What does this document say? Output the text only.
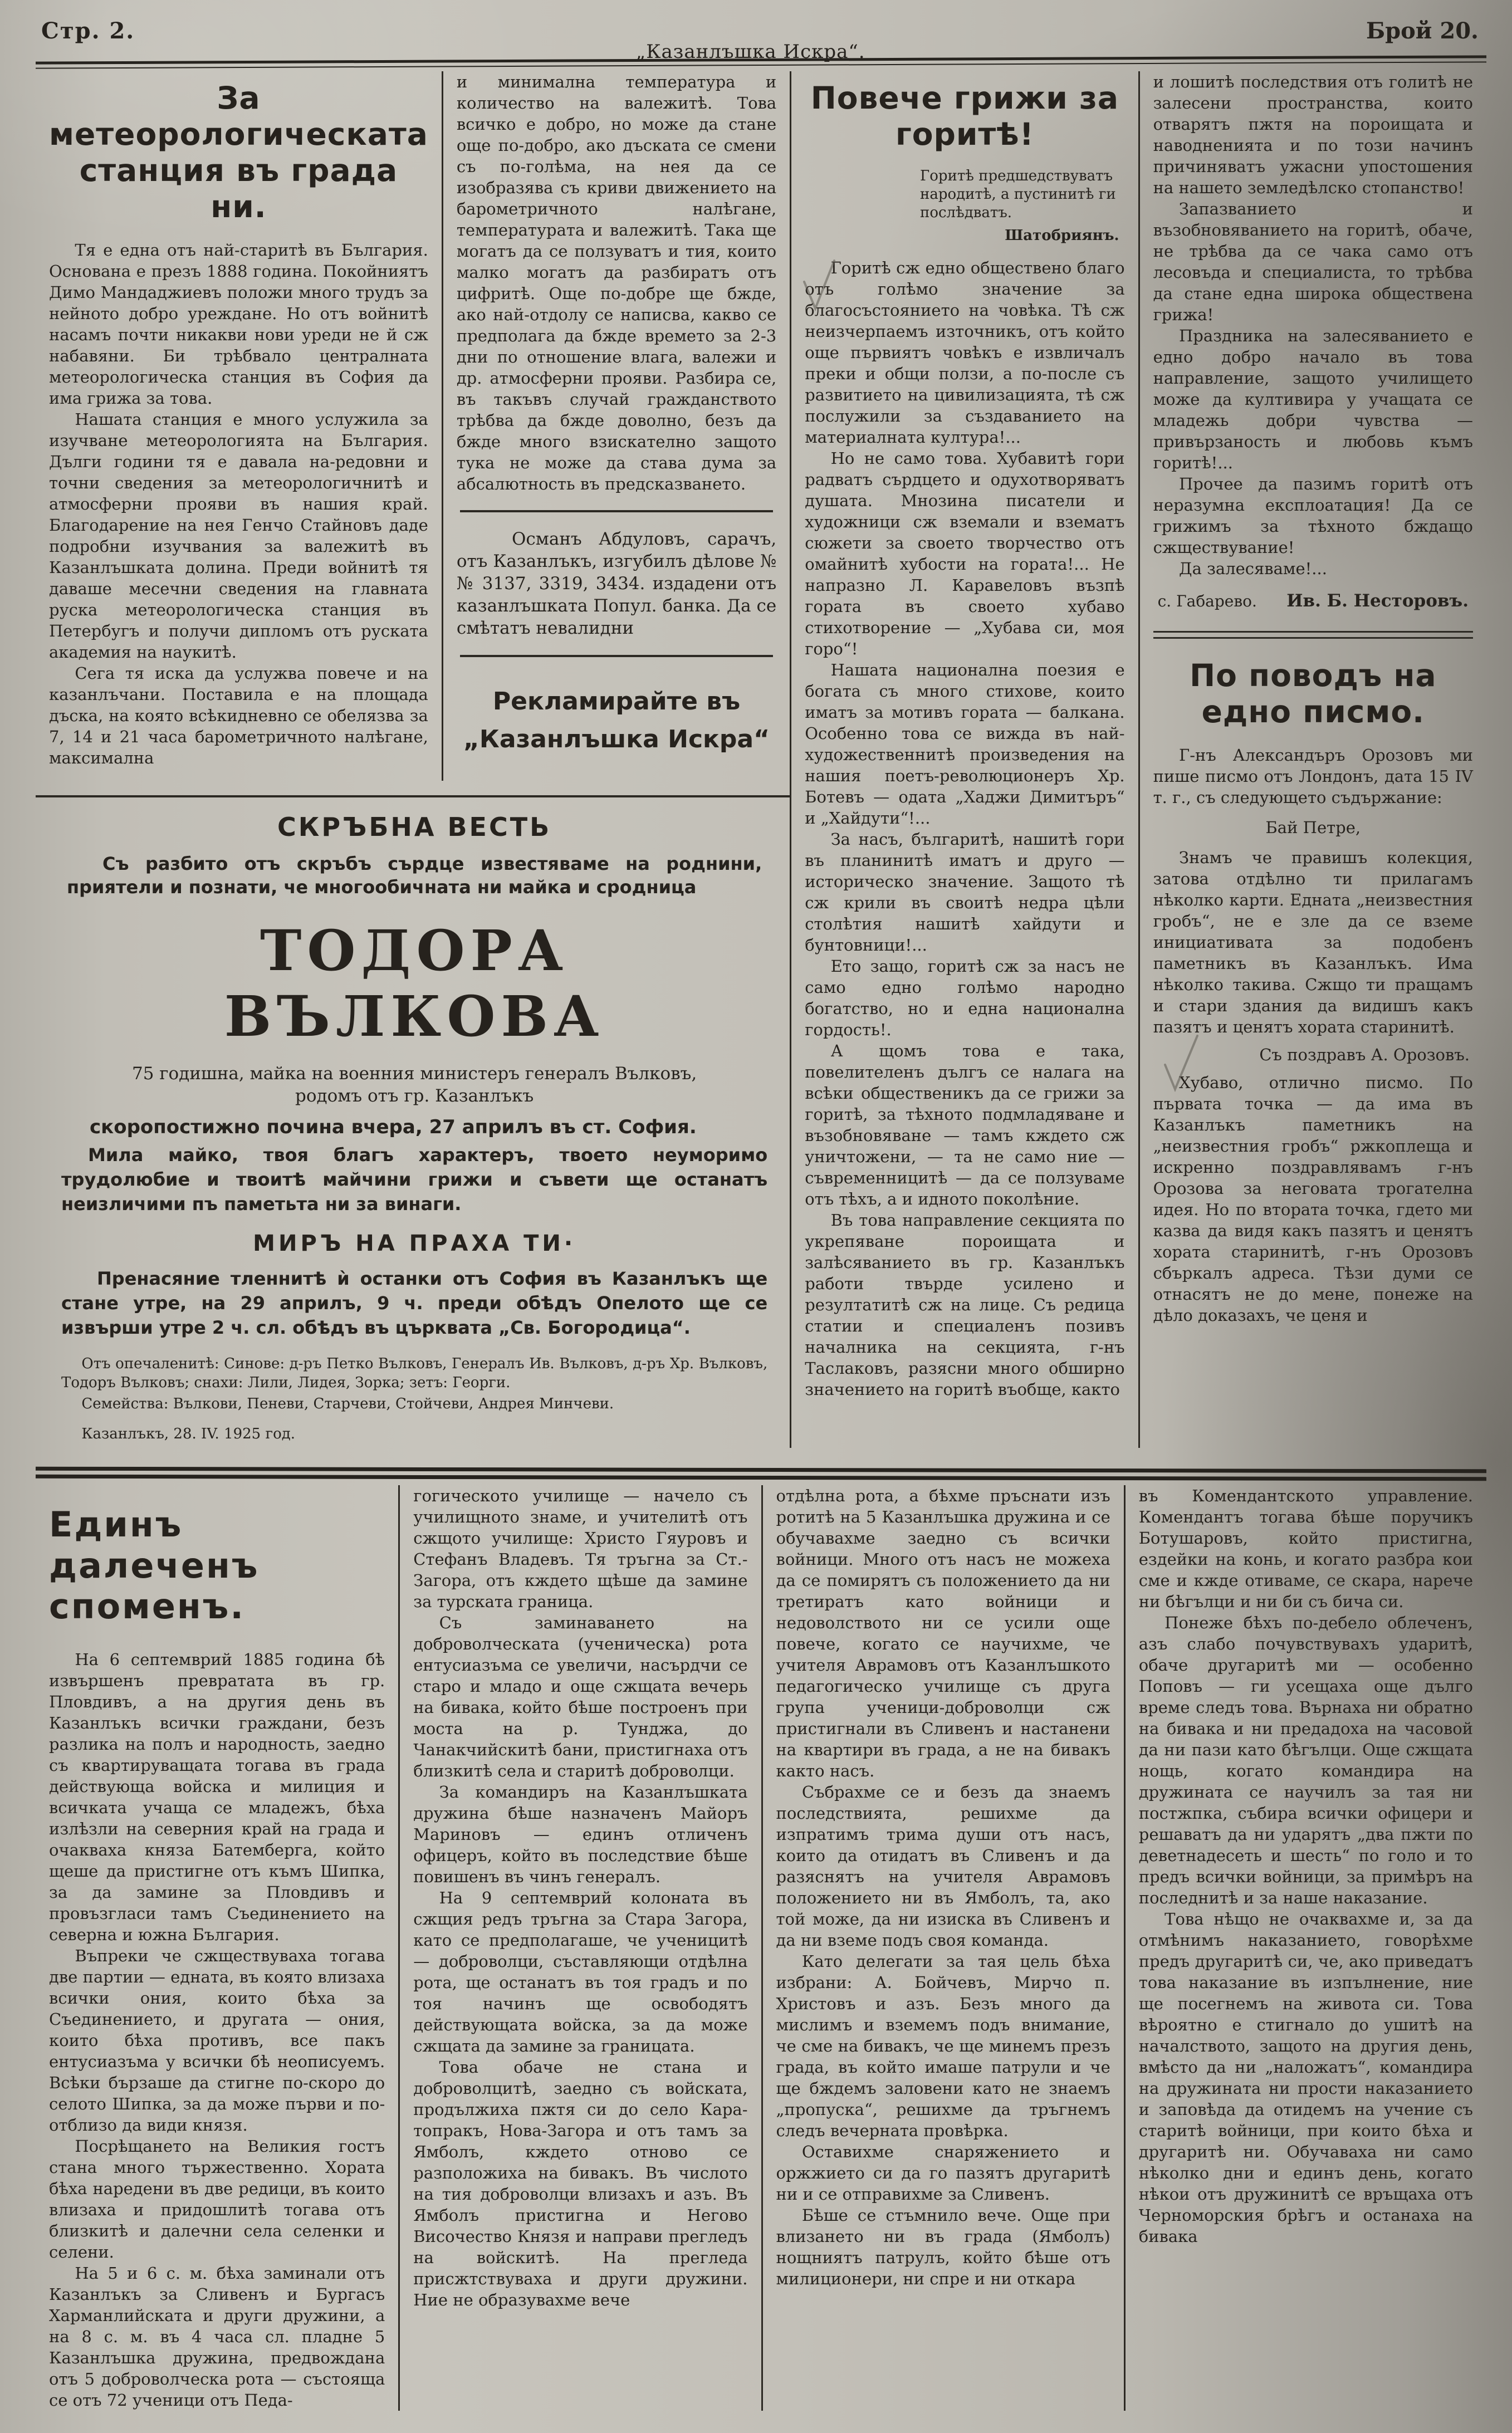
Стр. 2.
„Казанлъшка Искра“.
Брой 20.
За метеорологическата станция въ града ни.

Тя е една отъ най-старитѣ въ България. Основана е презъ 1888 година. Покойниятъ Димо Мандаджиевъ положи много трудъ за нейното добро уреждане. Но отъ войнитѣ насамъ почти никакви нови уреди не й сж набавяни. Би трѣбвало централната метеорологическа станция въ София да има грижа за това.

Нашата станция е много услужила за изучване метеорологията на България. Дълги години тя е давала на-редовни и точни сведения за метеорологичнитѣ и атмосферни прояви въ нашия край. Благодарение на нея Генчо Стайновъ даде подробни изучвания за валежитѣ въ Казанлъшката долина. Преди войнитѣ тя даваше месечни сведения на главната руска метеорологическа станция въ Петербугъ и получи дипломъ отъ руската академия на наукитѣ.

Сега тя иска да услужва повече и на казанлъчани. Поставила е на площада дъска, на която всѣкидневно се обелязва за 7, 14 и 21 часа барометричното налѣгане, максимална

и минимална температура и количество на валежитѣ. Това всичко е добро, но може да стане още по-добро, ако дъската се смени съ по-голѣма, на нея да се изобразява съ криви движението на барометричното налѣгане, температурата и валежитѣ. Така ще могатъ да се ползуватъ и тия, които малко могатъ да разбиратъ отъ цифритѣ. Още по-добре ще бжде, ако най-отдолу се написва, какво се предполага да бжде времето за 2-3 дни по отношение влага, валежи и др. атмосферни прояви. Разбира се, въ такъвъ случай гражданството трѣбва да бжде доволно, безъ да бжде много взискателно защото тука не може да става дума за абсалютность въ предсказването.

Османъ Абдуловъ, сарачъ, отъ Казанлъкъ, изгубилъ дѣлове № № 3137, 3319, 3434. издадени отъ казанлъшката Попул. банка. Да се смѣтатъ невалидни

Рекламирайте въ
„Казанлъшка Искра“
СКРЪБНА ВЕСТЬ
Съ разбито отъ скръбъ сърдце известяваме на роднини, приятели и познати, че многообичната ни майка и сродница
ТОДОРА ВЪЛКОВА
75 годишна, майка на военния министеръ генералъ Вълковъ,
родомъ отъ гр. Казанлъкъ
скоропостижно почина вчера, 27 априлъ въ ст. София.
Мила майко, твоя благъ характеръ, твоето неуморимо трудолюбие и твоитѣ майчини грижи и съвети ще останатъ неизличими пъ паметьта ни за винаги.
МИРЪ НА ПРАХА ТИ·
Пренасяние тленнитѣ ѝ останки отъ София въ Казанлъкъ ще стане утре, на 29 априлъ, 9 ч. преди обѣдъ Опелото ще се извърши утре 2 ч. сл. обѣдъ въ църквата „Св. Богородица“.
Отъ опечаленитѣ: Синове: д-ръ Петко Вълковъ, Генералъ Ив. Вълковъ, д-ръ Хр. Вълковъ, Тодоръ Вълковъ; снахи: Лили, Лидея, Зорка; зетъ: Георги.
Семейства: Вълкови, Пеневи, Старчеви, Стойчеви, Андрея Минчеви.
Казанлъкъ, 28. IV. 1925 год.
Повече грижи за горитѣ!
Горитѣ предшедствуватъ народитѣ, а пустинитѣ ги послѣдватъ.
Шатобриянъ.

Горитѣ сж едно обществено благо отъ голѣмо значение за благосъстоянието на човѣка. Тѣ сж неизчерпаемъ източникъ, отъ който още първиятъ човѣкъ е извличалъ преки и общи ползи, а по-после съ развитието на цивилизацията, тѣ сж послужили за създаванието на материалната култура!...

Но не само това. Хубавитѣ гори радватъ сърдцето и одухотворяватъ душата. Мнозина писатели и художници сж вземали и взематъ сюжети за своето творчество отъ омайнитѣ хубости на гората!... Не напразно Л. Каравеловъ възпѣ гората въ своето хубаво стихотворение — „Хубава си, моя горо“!

Нашата национална поезия е богата съ много стихове, които иматъ за мотивъ гората — балкана. Особенно това се вижда въ най-художественнитѣ произведения на нашия поетъ-революционеръ Хр. Ботевъ — одата „Хаджи Димитъръ“ и „Хайдути“!...

За насъ, българитѣ, нашитѣ гори въ планинитѣ иматъ и друго — историческо значение. Защото тѣ сж крили въ своитѣ недра цѣли столѣтия нашитѣ хайдути и бунтовници!...

Ето защо, горитѣ сж за насъ не само едно голѣмо народно богатство, но и една национална гордость!.

А щомъ това е така, повелителенъ дългъ се налага на всѣки общественикъ да се грижи за горитѣ, за тѣхното подмладяване и възобновяване — тамъ кждето сж уничтожени, — та не само ние — съвременницитѣ — да се ползуваме отъ тѣхъ, а и идното поколѣние.

Въ това направление секцията по укрепяване пороищата и залѣсяванието въ гр. Казанлъкъ работи твърде усилено и резултатитѣ сж на лице. Съ редица статии и специаленъ позивъ началника на секцията, г-нъ Таслаковъ, разясни много обширно значението на горитѣ въобще, както

и лошитѣ последствия отъ голитѣ не залесени пространства, които отварятъ пжтя на пороищата и наводненията и по този начинъ причиняватъ ужасни упостошения на нашето земледѣлско стопанство!

Запазванието и възобновяванието на горитѣ, обаче, не трѣбва да се чака само отъ лесовъда и специалиста, то трѣбва да стане една широка обществена грижа!

Праздника на залесяванието е едно добро начало въ това направление, защото училището може да култивира у учащата се младежь добри чувства — привързаность и любовь къмъ горитѣ!...

Прочее да пазимъ горитѣ отъ неразумна експлоатация! Да се грижимъ за тѣхното бждащо сжществувание!

Да залесяваме!...

с. Габарево. Ив. Б. Несторовъ.
По поводъ на едно писмо.

Г-нъ Александъръ Орозовъ ми пише писмо отъ Лондонъ, дата 15 IV т. г., съ следующето съдържание:

Бай Петре,

Знамъ че правишъ колекция, затова отдѣлно ти прилагамъ нѣколко карти. Едната „неизвестния гробъ“, не е зле да се вземе инициативата за подобенъ паметникъ въ Казанлъкъ. Има нѣколко такива. Сжщо ти пращамъ и стари здания да видишъ какъ пазятъ и ценятъ хората старинитѣ.

Съ поздравъ А. Орозовъ.

Хубаво, отлично писмо. По първата точка — да има въ Казанлъкъ паметникъ на „неизвестния гробъ“ ржкоплеща и искренно поздравлявамъ г-нъ Орозова за неговата трогателна идея. Но по втората точка, гдето ми казва да видя какъ пазятъ и ценятъ хората старинитѣ, г-нъ Орозовъ сбъркалъ адреса. Тѣзи думи се отнасятъ не до мене, понеже на дѣло доказахъ, че ценя и

Единъ далеченъ споменъ.

На 6 септемврий 1885 година бѣ извършенъ превратата въ гр. Пловдивъ, а на другия день въ Казанлъкъ всички граждани, безъ разлика на полъ и народность, заедно съ квартируващата тогава въ града действующа войска и милиция и всичката учаща се младежъ, бѣха излѣзли на северния край на града и очакваха княза Батемберга, който щеше да пристигне отъ къмъ Шипка, за да замине за Пловдивъ и провъзгласи тамъ Съединението на северна и южна България.

Въпреки че сжществуваха тогава две партии — едната, въ която влизаха всички ония, които бѣха за Съединението, и другата — ония, които бѣха противъ, все пакъ ентусиазъма у всички бѣ неописуемъ. Всѣки бързаше да стигне по-скоро до селото Шипка, за да може първи и по-отблизо да види князя.

Посрѣщането на Великия гостъ стана много тържественно. Хората бѣха наредени въ две редици, въ които влизаха и придошлитѣ тогава отъ близкитѣ и далечни села селенки и селени.

На 5 и 6 с. м. бѣха заминали отъ Казанлъкъ за Сливенъ и Бургасъ Харманлийската и други дружини, а на 8 с. м. въ 4 часа сл. пладне 5 Казанлъшка дружина, предвождана отъ 5 доброволческа рота — състояща се отъ 72 ученици отъ Педа-

гогическото училище — начело съ училищното знаме, и учителитѣ отъ сжщото училище: Христо Гяуровъ и Стефанъ Владевъ. Тя тръгна за Ст.-Загора, отъ кждето щѣше да замине за турската граница.

Съ заминаването на доброволческата (ученическа) рота ентусиазъма се увеличи, насърдчи се старо и младо и още сжщата вечерь на бивака, който бѣше построенъ при моста на р. Тунджа, до Чанакчийскитѣ бани, пристигнаха отъ близкитѣ села и старитѣ доброволци.

За командиръ на Казанлъшката дружина бѣше назначенъ Майоръ Мариновъ — единъ отличенъ офицеръ, който въ последствие бѣше повишенъ въ чинъ генералъ.

На 9 септемврий колоната въ сжщия редъ тръгна за Стара Загора, като се предполагаше, че ученицитѣ — доброволци, съставляющи отдѣлна рота, ще останатъ въ тоя градъ и по тоя начинъ ще освободятъ действующата войска, за да може сжщата да замине за границата.

Това обаче не стана и доброволцитѣ, заедно съ войската, продължиха пжтя си до село Кара-топракъ, Нова-Загора и отъ тамъ за Ямболъ, кждето отново се разположиха на бивакъ. Въ числото на тия доброволци влизахъ и азъ. Въ Ямболъ пристигна и Негово Височество Князя и направи прегледъ на войскитѣ. На прегледа присжтствуваха и други дружини. Ние не образувахме вече

отдѣлна рота, а бѣхме пръснати изъ ротитѣ на 5 Казанлъшка дружина и се обучавахме заедно съ всички войници. Много отъ насъ не можеха да се помирятъ съ положението да ни третиратъ като войници и недоволството ни се усили още повече, когато се научихме, че учителя Аврамовъ отъ Казанлъшкото педагогическо училище съ друга група ученици-доброволци сж пристигнали въ Сливенъ и настанени на квартири въ града, а не на бивакъ както насъ.

Събрахме се и безъ да знаемъ последствията, решихме да изпратимъ трима души отъ насъ, които да отидатъ въ Сливенъ и да разяснятъ на учителя Аврамовъ положението ни въ Ямболъ, та, ако той може, да ни изиска въ Сливенъ и да ни вземе подъ своя команда.

Като делегати за тая цель бѣха избрани: А. Бойчевъ, Мирчо п. Христовъ и азъ. Безъ много да мислимъ и вземемъ подъ внимание, че сме на бивакъ, че ще минемъ презъ града, въ който имаше патрули и че ще бждемъ заловени като не знаемъ „пропуска“, решихме да тръгнемъ следъ вечерната провѣрка.

Оставихме снаряжението и оржжието си да го пазятъ другаритѣ ни и се отправихме за Сливенъ.

Бѣше се стъмнило вече. Още при влизането ни въ града (Ямболъ) нощниятъ патрулъ, който бѣше отъ милиционери, ни спре и ни откара

въ Комендантското управление. Комендантъ тогава бѣше поручикъ Ботушаровъ, който пристигна, ездейки на конь, и когато разбра кои сме и кжде отиваме, се скара, нарече ни бѣгълци и ни би съ бича си.

Понеже бѣхъ по-дебело облеченъ, азъ слабо почувствувахъ ударитѣ, обаче другаритѣ ми — особенно Поповъ — ги усещаха още дълго време следъ това. Върнаха ни обратно на бивака и ни предадоха на часовой да ни пази като бѣгълци. Още сжщата нощь, когато командира на дружината се научилъ за тая ни постжпка, събира всички офицери и решаватъ да ни ударятъ „два пжти по деветнадесеть и шесть“ по голо и то предъ всички войници, за примѣръ на последнитѣ и за наше наказание.

Това нѣщо не очаквахме и, за да отмѣнимъ наказанието, говорѣхме предъ другаритѣ си, че, ако приведатъ това наказание въ изпълнение, ние ще посегнемъ на живота си. Това вѣроятно е стигнало до ушитѣ на началството, защото на другия день, вмѣсто да ни „наложатъ“, командира на дружината ни прости наказанието и заповѣда да отидемъ на учение съ старитѣ войници, при които бѣха и другаритѣ ни. Обучаваха ни само нѣколко дни и единъ день, когато нѣкои отъ дружинитѣ се връщаха отъ Черноморския брѣгъ и останаха на бивака
